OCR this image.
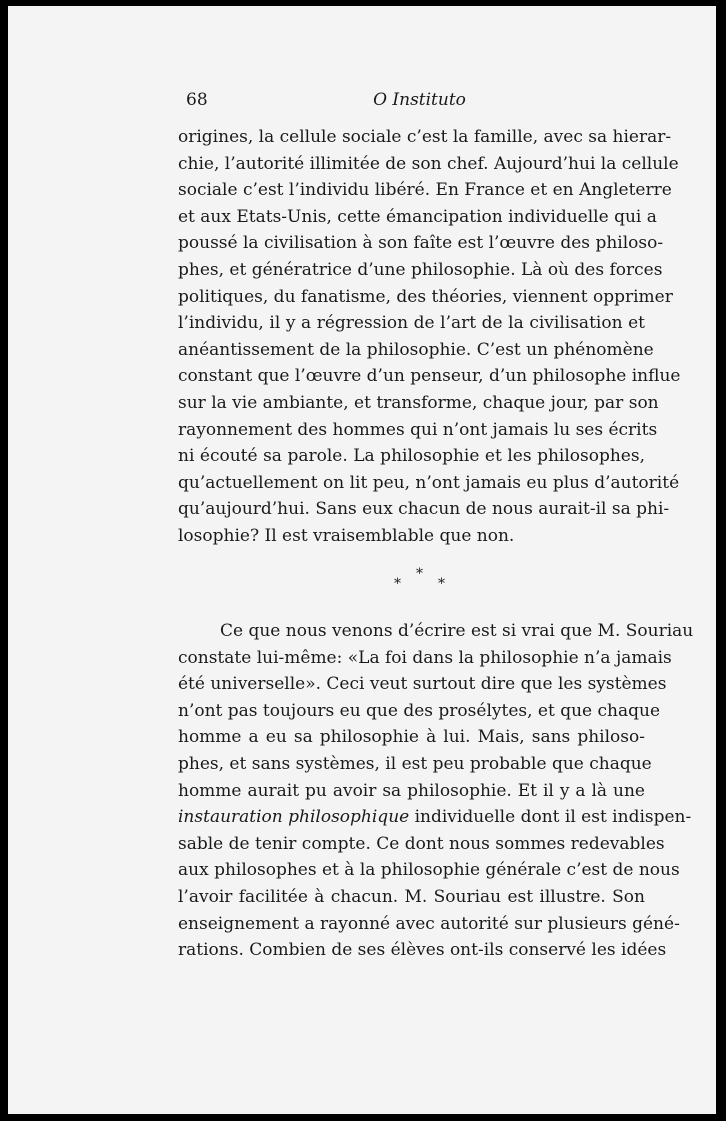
68	O Instituto

origines, la cellule sociale c’est la famille, avec sa hierar-
chie, l’autorité illimitée de son chef. Aujourd’hui la cellule
sociale c’est l’individu libéré. En France et en Angleterre
et aux Etats-Unis, cette émancipation individuelle qui a
poussé la civilisation à son faîte est l’œuvre des philoso-
phes, et génératrice d’une philosophie. Là où des forces
politiques, du fanatisme, des théories, viennent opprimer
l’individu, il y a régression de l’art de la civilisation et
anéantissement de la philosophie. C’est un phénomène
constant que l’œuvre d’un penseur, d’un philosophe influe
sur la vie ambiante, et transforme, chaque jour, par son
rayonnement des hommes qui n’ont jamais lu ses écrits
ni écouté sa parole. La philosophie et les philosophes,
qu’actuellement on lit peu, n’ont jamais eu plus d’autorité
qu’aujourd’hui. Sans eux chacun de nous aurait-il sa phi-
losophie? Il est vraisemblable que non.

*
*	*

Ce que nous venons d’écrire est si vrai que M. Souriau
constate lui-même: «La foi dans la philosophie n’a jamais
été universelle». Ceci veut surtout dire que les systèmes
n’ont pas toujours eu que des prosélytes, et que chaque
homme a eu sa philosophie à lui. Mais, sans philoso-
phes, et sans systèmes, il est peu probable que chaque
homme aurait pu avoir sa philosophie. Et il y a là une
instauration philosophique individuelle dont il est indispen-
sable de tenir compte. Ce dont nous sommes redevables
aux philosophes et à la philosophie générale c’est de nous
l’avoir facilitée à chacun. M. Souriau est illustre. Son
enseignement a rayonné avec autorité sur plusieurs géné-
rations. Combien de ses élèves ont-ils conservé les idées
